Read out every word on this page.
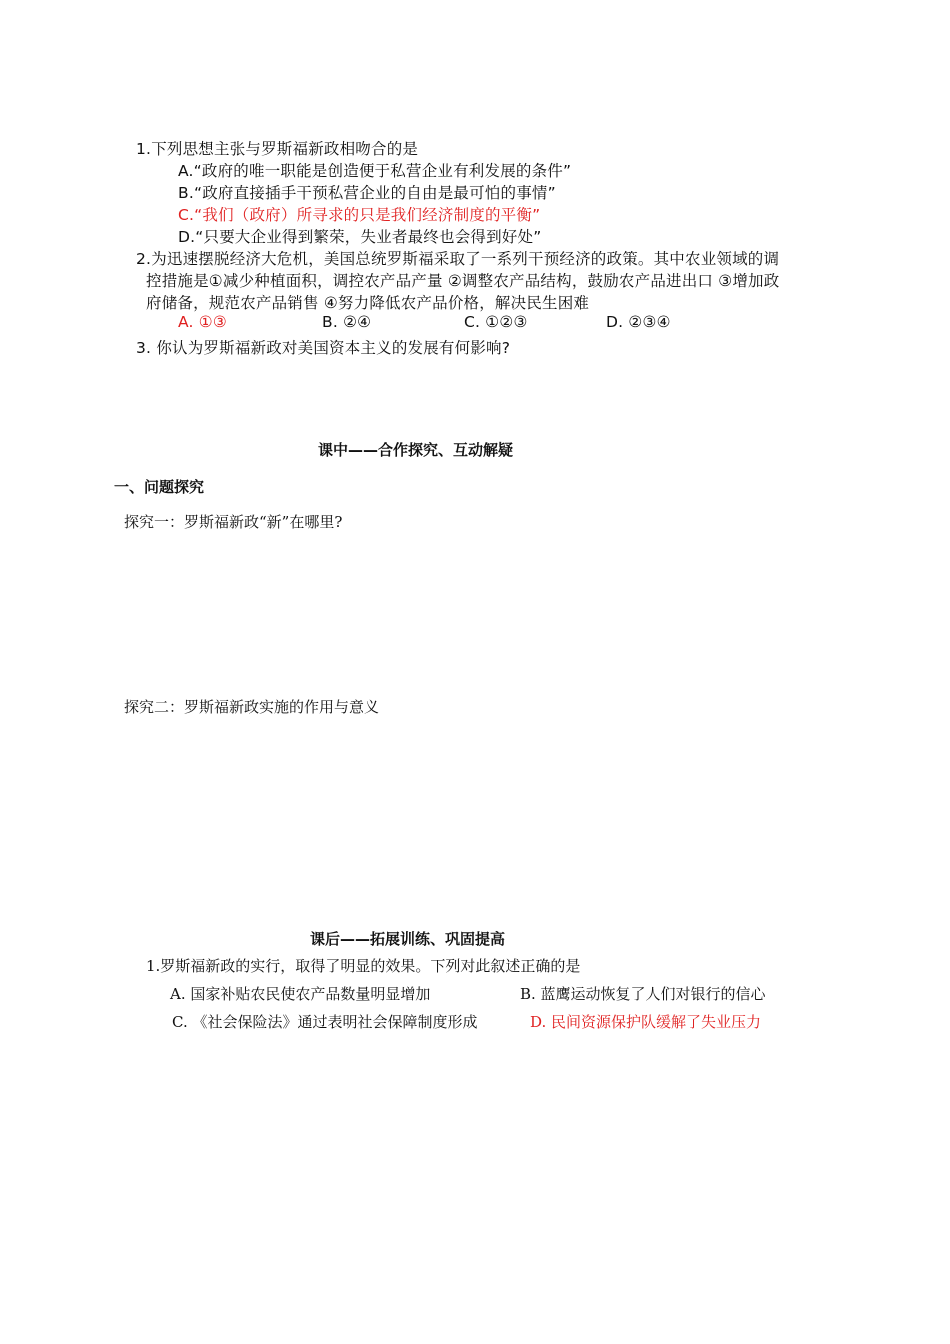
1.下列思想主张与罗斯福新政相吻合的是
A.“政府的唯一职能是创造便于私营企业有利发展的条件”
B.“政府直接插手干预私营企业的自由是最可怕的事情”
C.“我们（政府）所寻求的只是我们经济制度的平衡”
D.“只要大企业得到繁荣，失业者最终也会得到好处”
2.为迅速摆脱经济大危机，美国总统罗斯福采取了一系列干预经济的政策。其中农业领域的调
控措施是①减少种植面积，调控农产品产量 ②调整农产品结构，鼓励农产品进出口 ③增加政
府储备，规范农产品销售 ④努力降低农产品价格，解决民生困难
A. ①③	B. ②④	C. ①②③	D. ②③④
3. 你认为罗斯福新政对美国资本主义的发展有何影响?
课中——合作探究、互动解疑
一、问题探究
探究一：罗斯福新政“新”在哪里?
探究二：罗斯福新政实施的作用与意义
课后——拓展训练、巩固提高
1.罗斯福新政的实行，取得了明显的效果。下列对此叙述正确的是
A. 国家补贴农民使农产品数量明显增加	B. 蓝鹰运动恢复了人们对银行的信心
C. 《社会保险法》通过表明社会保障制度形成	D. 民间资源保护队缓解了失业压力
